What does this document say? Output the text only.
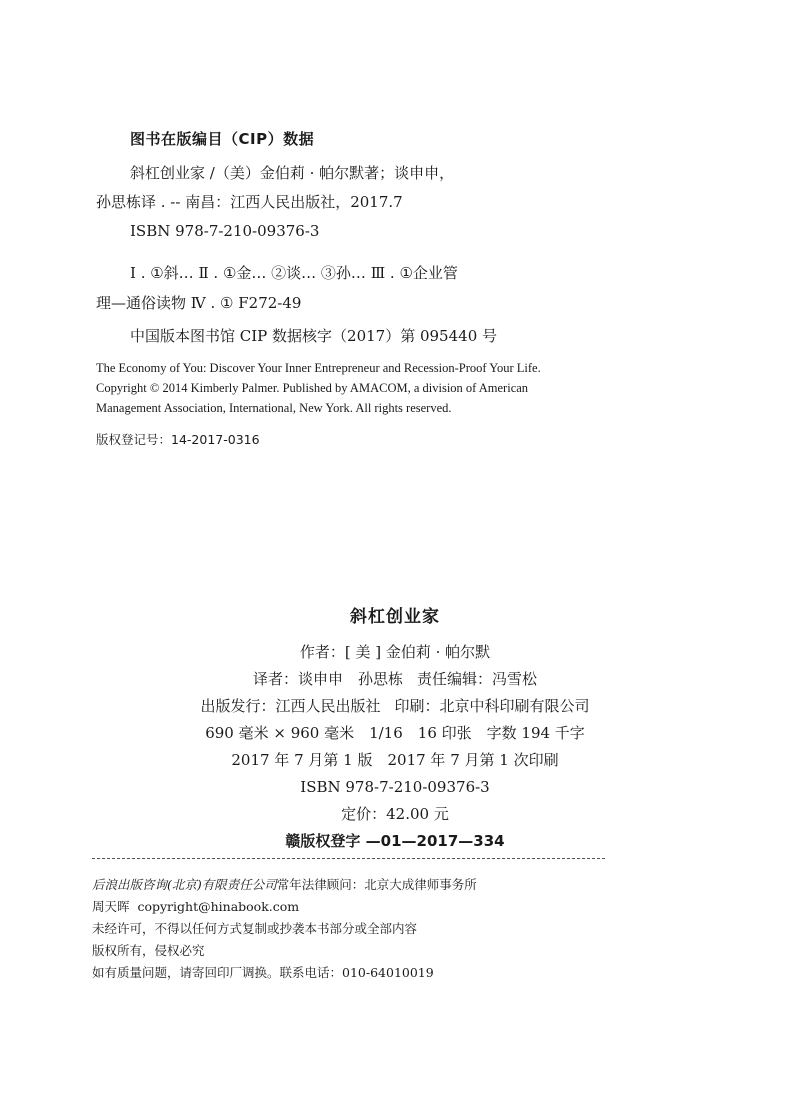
图书在版编目（CIP）数据
斜杠创业家 /（美）金伯莉 · 帕尔默著；谈申申，
孙思栋译 . -- 南昌：江西人民出版社，2017.7
ISBN 978-7-210-09376-3
Ⅰ . ①斜… Ⅱ . ①金… ②谈… ③孙… Ⅲ . ①企业管
理—通俗读物 Ⅳ . ① F272-49
中国版本图书馆 CIP 数据核字（2017）第 095440 号
The Economy of You: Discover Your Inner Entrepreneur and Recession-Proof Your Life.
Copyright © 2014 Kimberly Palmer. Published by AMACOM, a division of American
Management Association, International, New York. All rights reserved.
版权登记号：14-2017-0316
斜杠创业家
作者：[ 美 ] 金伯莉 · 帕尔默
译者：谈申申　孙思栋 责任编辑：冯雪松
出版发行：江西人民出版社 印刷：北京中科印刷有限公司
690 毫米 × 960 毫米　1/16　16 印张　字数 194 千字
2017 年 7 月第 1 版　2017 年 7 月第 1 次印刷
ISBN 978-7-210-09376-3
定价：42.00 元
赣版权登字 —01—2017—334
后浪出版咨询(北京)有限责任公司常年法律顾问：北京大成律师事务所
周天晖 copyright@hinabook.com
未经许可，不得以任何方式复制或抄袭本书部分或全部内容
版权所有，侵权必究
如有质量问题，请寄回印厂调换。联系电话：010-64010019
